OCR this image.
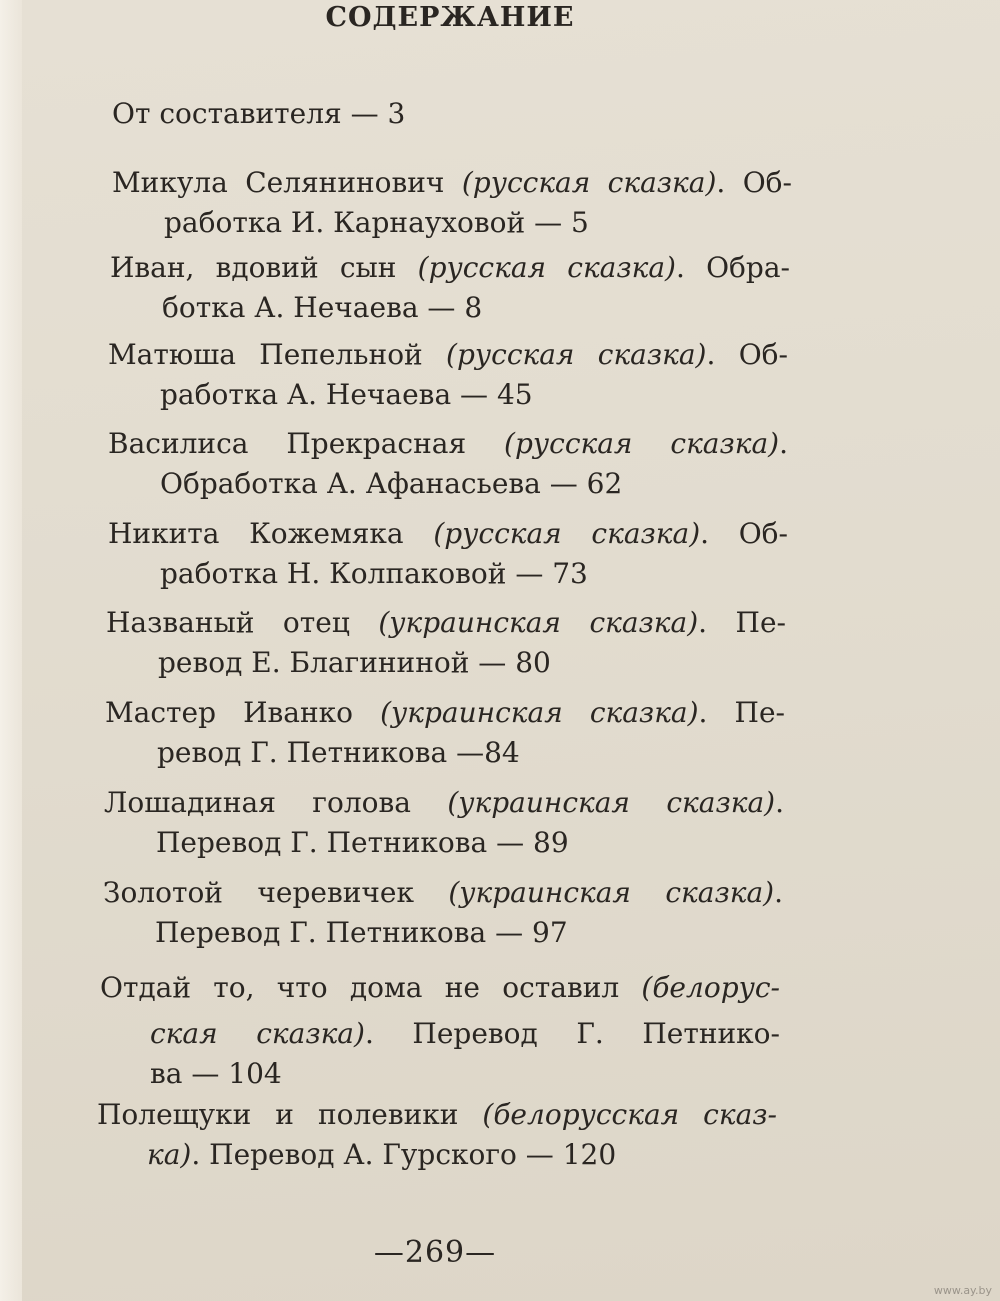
СОДЕРЖАНИЕ
От составителя — 3
Микула Селянинович (русская сказка). Об-
работка И. Карнауховой — 5
Иван, вдовий сын (русская сказка). Обра-
ботка А. Нечаева — 8
Матюша Пепельной (русская сказка). Об-
работка А. Нечаева — 45
Василиса Прекрасная (русская сказка).
Обработка А. Афанасьева — 62
Никита Кожемяка (русская сказка). Об-
работка Н. Колпаковой — 73
Названый отец (украинская сказка). Пе-
ревод Е. Благининой — 80
Мастер Иванко (украинская сказка). Пе-
ревод Г. Петникова —84
Лошадиная голова (украинская сказка).
Перевод Г. Петникова — 89
Золотой черевичек (украинская сказка).
Перевод Г. Петникова — 97
Отдай то, что дома не оставил (белорус-
ская сказка). Перевод Г. Петнико-
ва — 104
Полещуки и полевики (белорусская сказ-
ка). Перевод А. Гурского — 120
—269—
www.ay.by
